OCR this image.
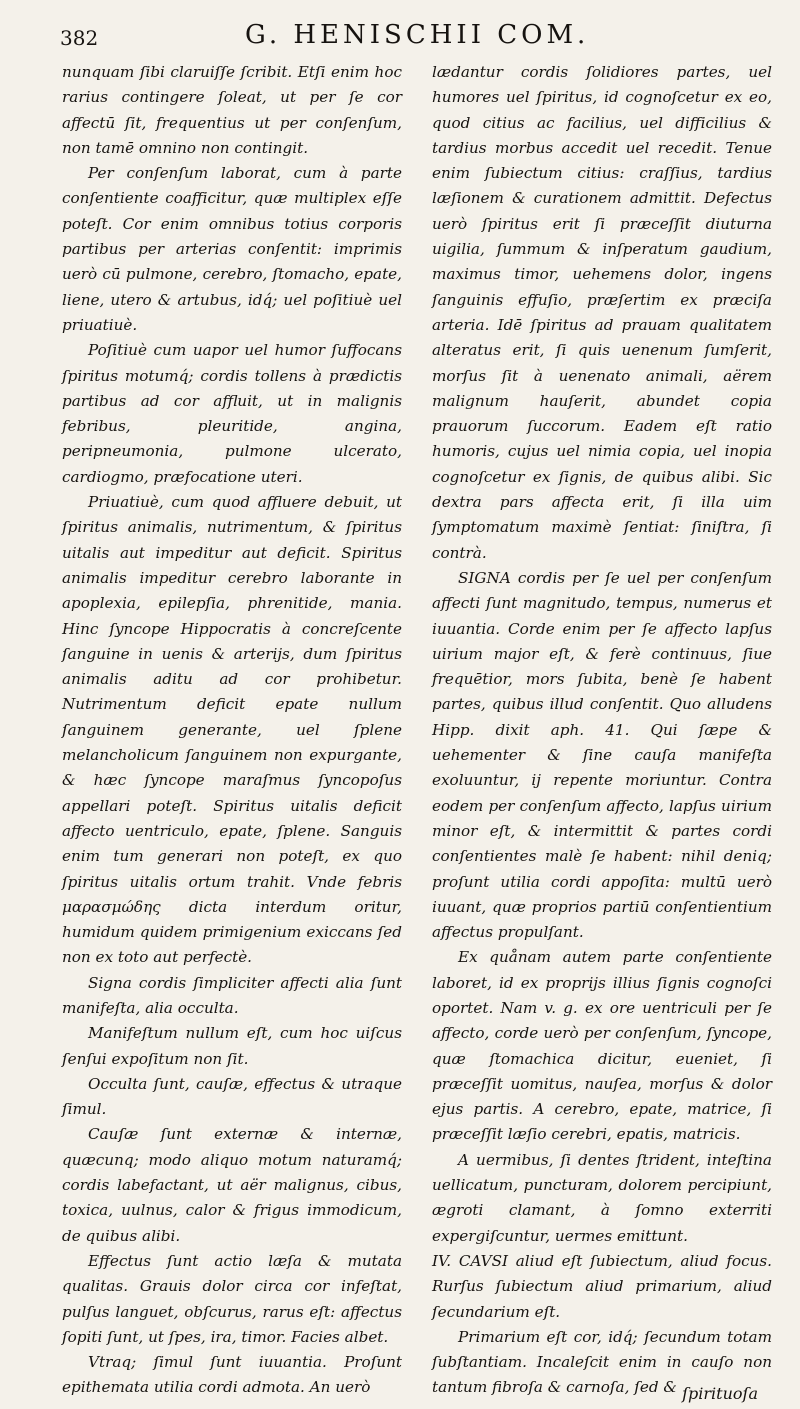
382	G. HENISCHII COM.

nunquam ſibi claruiſſe ſcribit. Etſi enim hoc rarius contingere ſoleat, ut per ſe cor affectū ſit, frequentius ut per conſenſum, non tamē omnino non contingit.

Per conſenſum laborat, cum à parte conſentiente coafficitur, quæ multiplex eſſe poteſt. Cor enim omnibus totius corporis partibus per arterias conſentit: imprimis uerò cū pulmone, cerebro, ſtomacho, epate, liene, utero & artubus, idq́; uel poſitiuè uel priuatiuè.

Poſitiuè cum uapor uel humor ſuffocans ſpiritus motumq́; cordis tollens à prædictis partibus ad cor affluit, ut in malignis febribus, pleuritide, angina, peripneumonia, pulmone ulcerato, cardiogmo, præfocatione uteri.

Priuatiuè, cum quod affluere debuit, ut ſpiritus animalis, nutrimentum, & ſpiritus uitalis aut impeditur aut deficit. Spiritus animalis impeditur cerebro laborante in apoplexia, epilepſia, phrenitide, mania. Hinc ſyncope Hippocratis à concreſcente ſanguine in uenis & arterijs, dum ſpiritus animalis aditu ad cor prohibetur. Nutrimentum deficit epate nullum ſanguinem generante, uel ſplene melancholicum ſanguinem non expurgante, & hæc ſyncope maraſmus ſyncopoſus appellari poteſt. Spiritus uitalis deficit affecto uentriculo, epate, ſplene. Sanguis enim tum generari non poteſt, ex quo ſpiritus uitalis ortum trahit. Vnde febris μαρασμώδης dicta interdum oritur, humidum quidem primigenium exiccans ſed non ex toto aut perfectè.

Signa cordis ſimpliciter affecti alia ſunt manifeſta, alia occulta.

Manifeſtum nullum eſt, cum hoc uiſcus ſenſui expoſitum non ſit.

Occulta ſunt, cauſæ, effectus & utraque ſimul.

Cauſæ ſunt externæ & internæ, quæcunq; modo aliquo motum naturamq́; cordis labefactant, ut aër malignus, cibus, toxica, uulnus, calor & frigus immodicum, de quibus alibi.

Effectus ſunt actio læſa & mutata qualitas. Grauis dolor circa cor infeſtat, pulſus languet, obſcurus, rarus eſt: affectus ſopiti ſunt, ut ſpes, ira, timor. Facies albet.

Vtraq; ſimul ſunt iuuantia. Proſunt epithemata utilia cordi admota. An uerò

lædantur cordis ſolidiores partes, uel humores uel ſpiritus, id cognoſcetur ex eo, quod citius ac facilius, uel difficilius & tardius morbus accedit uel recedit. Tenue enim ſubiectum citius: craſſius, tardius læſionem & curationem admittit. Defectus uerò ſpiritus erit ſi præceſſit diuturna uigilia, ſummum & inſperatum gaudium, maximus timor, uehemens dolor, ingens ſanguinis effuſio, præſertim ex præciſa arteria. Idē ſpiritus ad prauam qualitatem alteratus erit, ſi quis uenenum ſumſerit, morſus ſit à uenenato animali, aërem malignum hauſerit, abundet copia prauorum ſuccorum. Eadem eſt ratio humoris, cujus uel nimia copia, uel inopia cognoſcetur ex ſignis, de quibus alibi. Sic dextra pars affecta erit, ſi illa uim ſymptomatum maximè ſentiat: ſiniſtra, ſi contrà.

SIGNA cordis per ſe uel per conſenſum affecti ſunt magnitudo, tempus, numerus et iuuantia. Corde enim per ſe affecto lapſus uirium major eſt, & ferè continuus, ſiue frequētior, mors ſubita, benè ſe habent partes, quibus illud conſentit. Quo alludens Hipp. dixit aph. 41. Qui ſæpe & uehementer & ſine cauſa manifeſta exoluuntur, ij repente moriuntur. Contra eodem per conſenſum affecto, lapſus uirium minor eſt, & intermittit & partes cordi conſentientes malè ſe habent: nihil deniq; proſunt utilia cordi appoſita: multū uerò iuuant, quæ proprios partiū conſentientium affectus propulſant.

Ex quånam autem parte conſentiente laboret, id ex proprijs illius ſignis cognoſci oportet. Nam v. g. ex ore uentriculi per ſe affecto, corde uerò per conſenſum, ſyncope, quæ ſtomachica dicitur, eueniet, ſi præceſſit uomitus, nauſea, morſus & dolor ejus partis. A cerebro, epate, matrice, ſi præceſſit læſio cerebri, epatis, matricis.

A uermibus, ſi dentes ſtrident, inteſtina uellicatum, puncturam, dolorem percipiunt, ægroti clamant, à ſomno exterriti expergiſcuntur, uermes emittunt.

IV. CAVSI aliud eſt ſubiectum, aliud focus. Rurſus ſubiectum aliud primarium, aliud ſecundarium eſt.

Primarium eſt cor, idq́; ſecundum totam ſubſtantiam. Incaleſcit enim in cauſo non tantum fibroſa & carnoſa, ſed & ſpirituoſa
